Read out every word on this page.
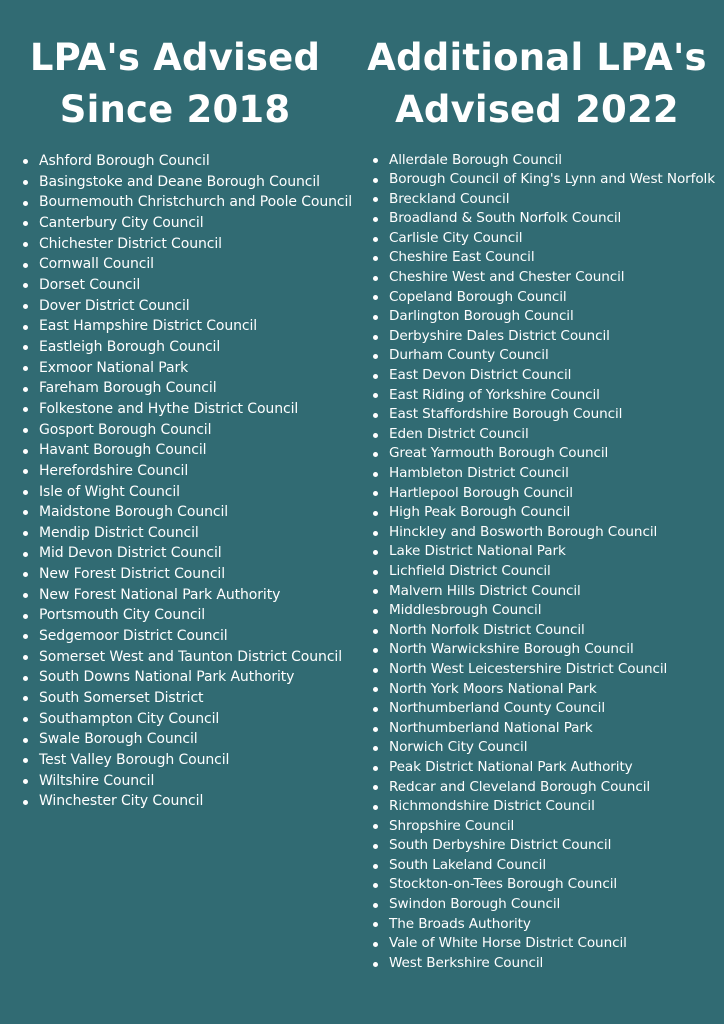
LPA's Advised
Since 2018
Ashford Borough Council
Basingstoke and Deane Borough Council
Bournemouth Christchurch and Poole Council
Canterbury City Council
Chichester District Council
Cornwall Council
Dorset Council
Dover District Council
East Hampshire District Council
Eastleigh Borough Council
Exmoor National Park
Fareham Borough Council
Folkestone and Hythe District Council
Gosport Borough Council
Havant Borough Council
Herefordshire Council
Isle of Wight Council
Maidstone Borough Council
Mendip District Council
Mid Devon District Council
New Forest District Council
New Forest National Park Authority
Portsmouth City Council
Sedgemoor District Council
Somerset West and Taunton District Council
South Downs National Park Authority
South Somerset District
Southampton City Council
Swale Borough Council
Test Valley Borough Council
Wiltshire Council
Winchester City Council
Additional LPA's
Advised 2022
Allerdale Borough Council
Borough Council of King's Lynn and West Norfolk
Breckland Council
Broadland & South Norfolk Council
Carlisle City Council
Cheshire East Council
Cheshire West and Chester Council
Copeland Borough Council
Darlington Borough Council
Derbyshire Dales District Council
Durham County Council
East Devon District Council
East Riding of Yorkshire Council
East Staffordshire Borough Council
Eden District Council
Great Yarmouth Borough Council
Hambleton District Council
Hartlepool Borough Council
High Peak Borough Council
Hinckley and Bosworth Borough Council
Lake District National Park
Lichfield District Council
Malvern Hills District Council
Middlesbrough Council
North Norfolk District Council
North Warwickshire Borough Council
North West Leicestershire District Council
North York Moors National Park
Northumberland County Council
Northumberland National Park
Norwich City Council
Peak District National Park Authority
Redcar and Cleveland Borough Council
Richmondshire District Council
Shropshire Council
South Derbyshire District Council
South Lakeland Council
Stockton-on-Tees Borough Council
Swindon Borough Council
The Broads Authority
Vale of White Horse District Council
West Berkshire Council
